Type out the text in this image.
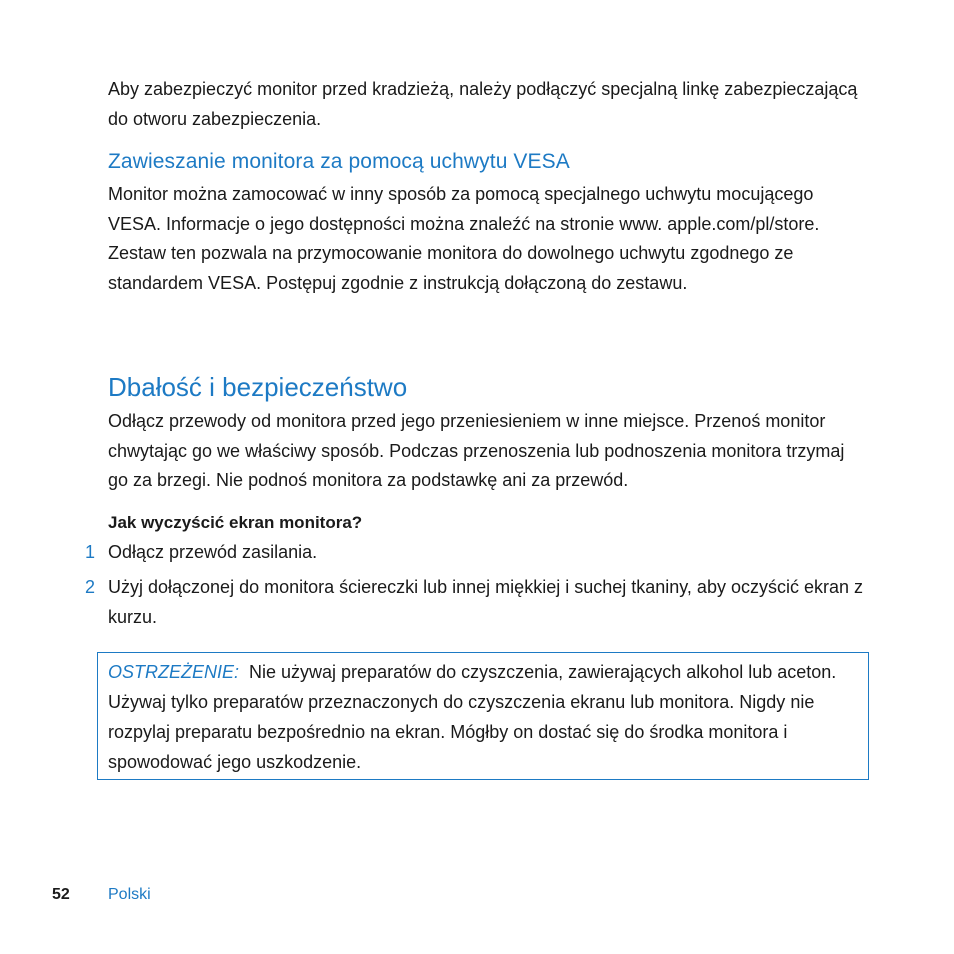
Aby zabezpieczyć monitor przed kradzieżą, należy podłączyć specjalną linkę zabezpieczającą do otworu zabezpieczenia.

Zawieszanie monitora za pomocą uchwytu VESA

Monitor można zamocować w inny sposób za pomocą specjalnego uchwytu mocującego VESA. Informacje o jego dostępności można znaleźć na stronie www. apple.com/pl/store. Zestaw ten pozwala na przymocowanie monitora do dowolnego uchwytu zgodnego ze standardem VESA. Postępuj zgodnie z instrukcją dołączoną do zestawu.

Dbałość i bezpieczeństwo

Odłącz przewody od monitora przed jego przeniesieniem w inne miejsce. Przenoś monitor chwytając go we właściwy sposób. Podczas przenoszenia lub podnoszenia monitora trzymaj go za brzegi. Nie podnoś monitora za podstawkę ani za przewód.

Jak wyczyścić ekran monitora?
1 Odłącz przewód zasilania.
2 Użyj dołączonej do monitora ściereczki lub innej miękkiej i suchej tkaniny, aby oczyścić ekran z kurzu.
OSTRZEŻENIE: Nie używaj preparatów do czyszczenia, zawierających alkohol lub aceton. Używaj tylko preparatów przeznaczonych do czyszczenia ekranu lub monitora. Nigdy nie rozpylaj preparatu bezpośrednio na ekran. Mógłby on dostać się do środka monitora i spowodować jego uszkodzenie.
52 Polski
